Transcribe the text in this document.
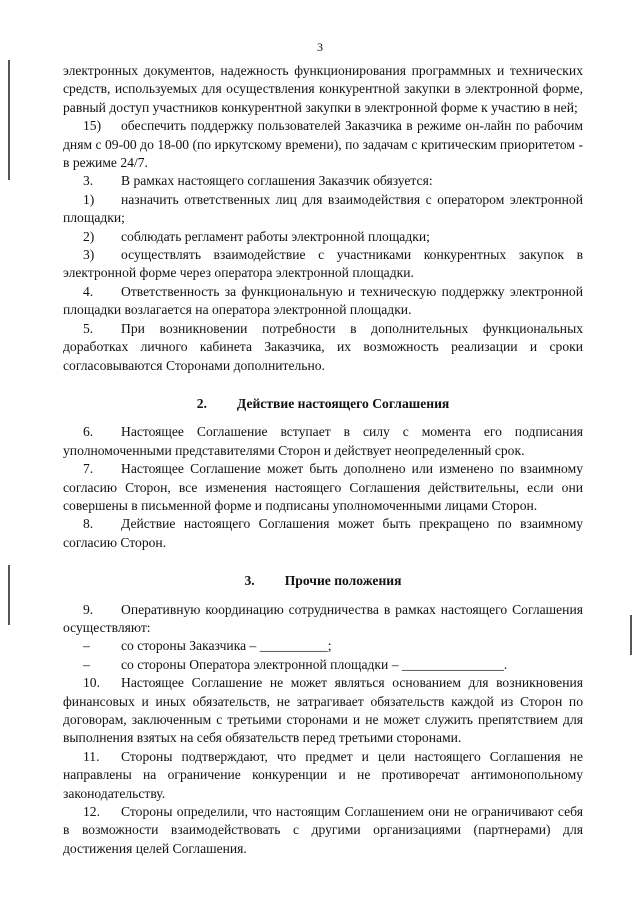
3

электронных документов, надежность функционирования программных и технических средств, используемых для осуществления конкурентной закупки в электронной форме, равный доступ участников конкурентной закупки в электронной форме к участию в ней;

15) обеспечить поддержку пользователей Заказчика в режиме он-лайн по рабочим дням с 09-00 до 18-00 (по иркутскому времени), по задачам с критическим приоритетом - в режиме 24/7.

3. В рамках настоящего соглашения Заказчик обязуется:

1) назначить ответственных лиц для взаимодействия с оператором электронной площадки;

2) соблюдать регламент работы электронной площадки;

3) осуществлять взаимодействие с участниками конкурентных закупок в электронной форме через оператора электронной площадки.

4. Ответственность за функциональную и техническую поддержку электронной площадки возлагается на оператора электронной площадки.

5. При возникновении потребности в дополнительных функциональных доработках личного кабинета Заказчика, их возможность реализации и сроки согласовываются Сторонами дополнительно.

2. Действие настоящего Соглашения

6. Настоящее Соглашение вступает в силу с момента его подписания уполномоченными представителями Сторон и действует неопределенный срок.

7. Настоящее Соглашение может быть дополнено или изменено по взаимному согласию Сторон, все изменения настоящего Соглашения действительны, если они совершены в письменной форме и подписаны уполномоченными лицами Сторон.

8. Действие настоящего Соглашения может быть прекращено по взаимному согласию Сторон.

3. Прочие положения

9. Оперативную координацию сотрудничества в рамках настоящего Соглашения осуществляют:

– со стороны Заказчика – __________;

– со стороны Оператора электронной площадки – _______________.

10. Настоящее Соглашение не может являться основанием для возникновения финансовых и иных обязательств, не затрагивает обязательств каждой из Сторон по договорам, заключенным с третьими сторонами и не может служить препятствием для выполнения взятых на себя обязательств перед третьими сторонами.

11. Стороны подтверждают, что предмет и цели настоящего Соглашения не направлены на ограничение конкуренции и не противоречат антимонопольному законодательству.

12. Стороны определили, что настоящим Соглашением они не ограничивают себя в возможности взаимодействовать с другими организациями (партнерами) для достижения целей Соглашения.
